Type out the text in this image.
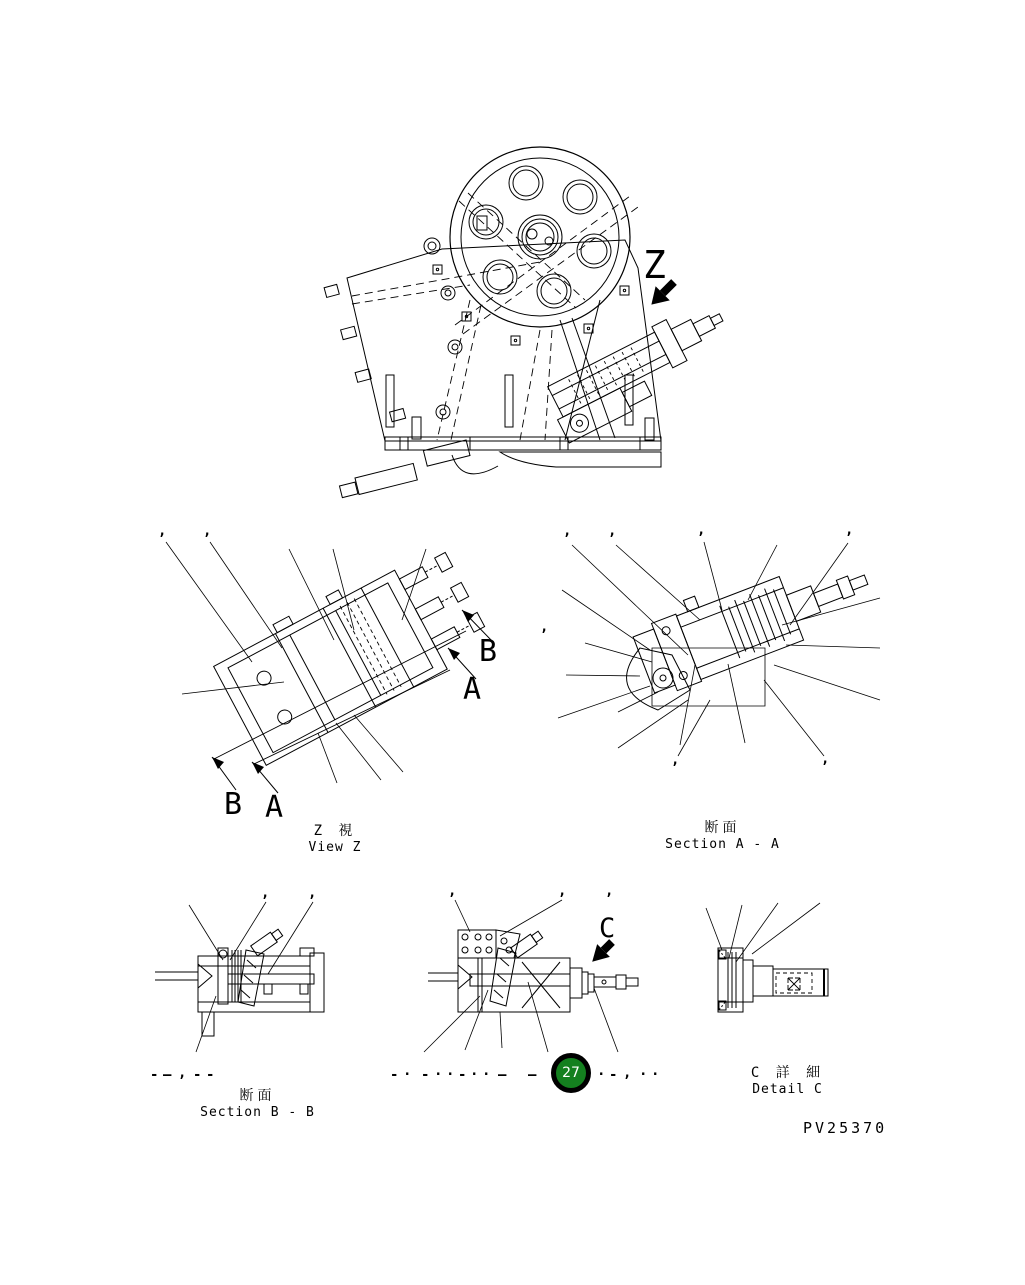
Z
B
A
B A
C
Z 視
View Z
断面
Section A - A
断面
Section B - B
C 詳 細
Detail C
PV25370
27
,	,	,	,	,	,
,
,	,
,	,	,	,	,
- – , - -	- . - . . - . . – —	. - , . .
